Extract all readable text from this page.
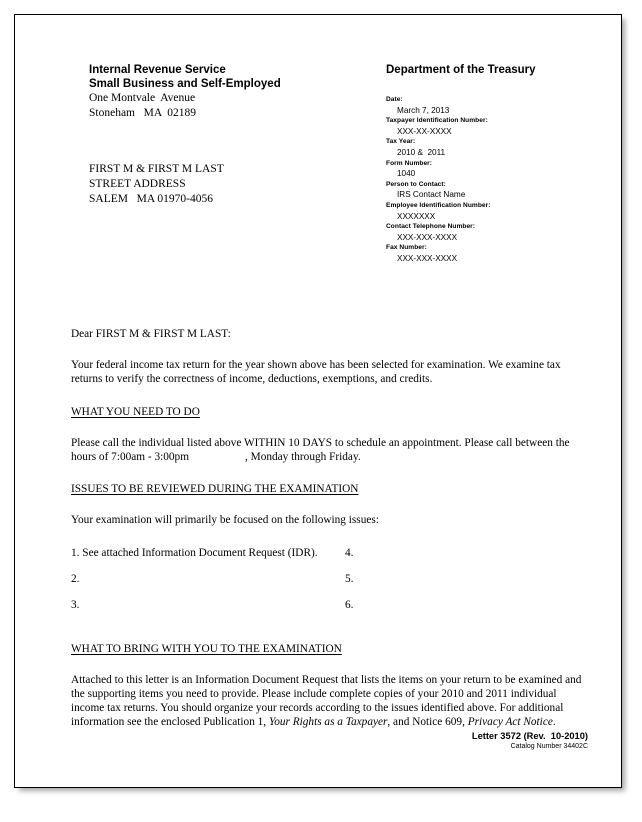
Internal Revenue Service
Small Business and Self-Employed
One Montvale  Avenue
Stoneham   MA  02189
FIRST M & FIRST M LAST
STREET ADDRESS
SALEM   MA 01970-4056
Department of the Treasury
Date:
March 7, 2013
Taxpayer Identification Number:
XXX-XX-XXXX
Tax Year:
2010 &  2011
Form Number:
1040
Person to Contact:
IRS Contact Name
Employee Identification Number:
XXXXXXX
Contact Telephone Number:
XXX-XXX-XXXX
Fax Number:
XXX-XXX-XXXX

Dear FIRST M & FIRST M LAST:

Your federal income tax return for the year shown above has been selected for examination. We examine tax returns to verify the correctness of income, deductions, exemptions, and credits.

WHAT YOU NEED TO DO

Please call the individual listed above WITHIN 10 DAYS to schedule an appointment. Please call between the hours of 7:00am - 3:00pm	, Monday through Friday.

ISSUES TO BE REVIEWED DURING THE EXAMINATION

Your examination will primarily be focused on the following issues:

1. See attached Information Document Request (IDR).
2.
3.
4.
5.
6.

WHAT TO BRING WITH YOU TO THE EXAMINATION

Attached to this letter is an Information Document Request that lists the items on your return to be examined and the supporting items you need to provide. Please include complete copies of your 2010 and 2011 individual income tax returns. You should organize your records according to the issues identified above. For additional information see the enclosed Publication 1, Your Rights as a Taxpayer, and Notice 609, Privacy Act Notice.

Letter 3572 (Rev.  10-2010)
Catalog Number 34402C
